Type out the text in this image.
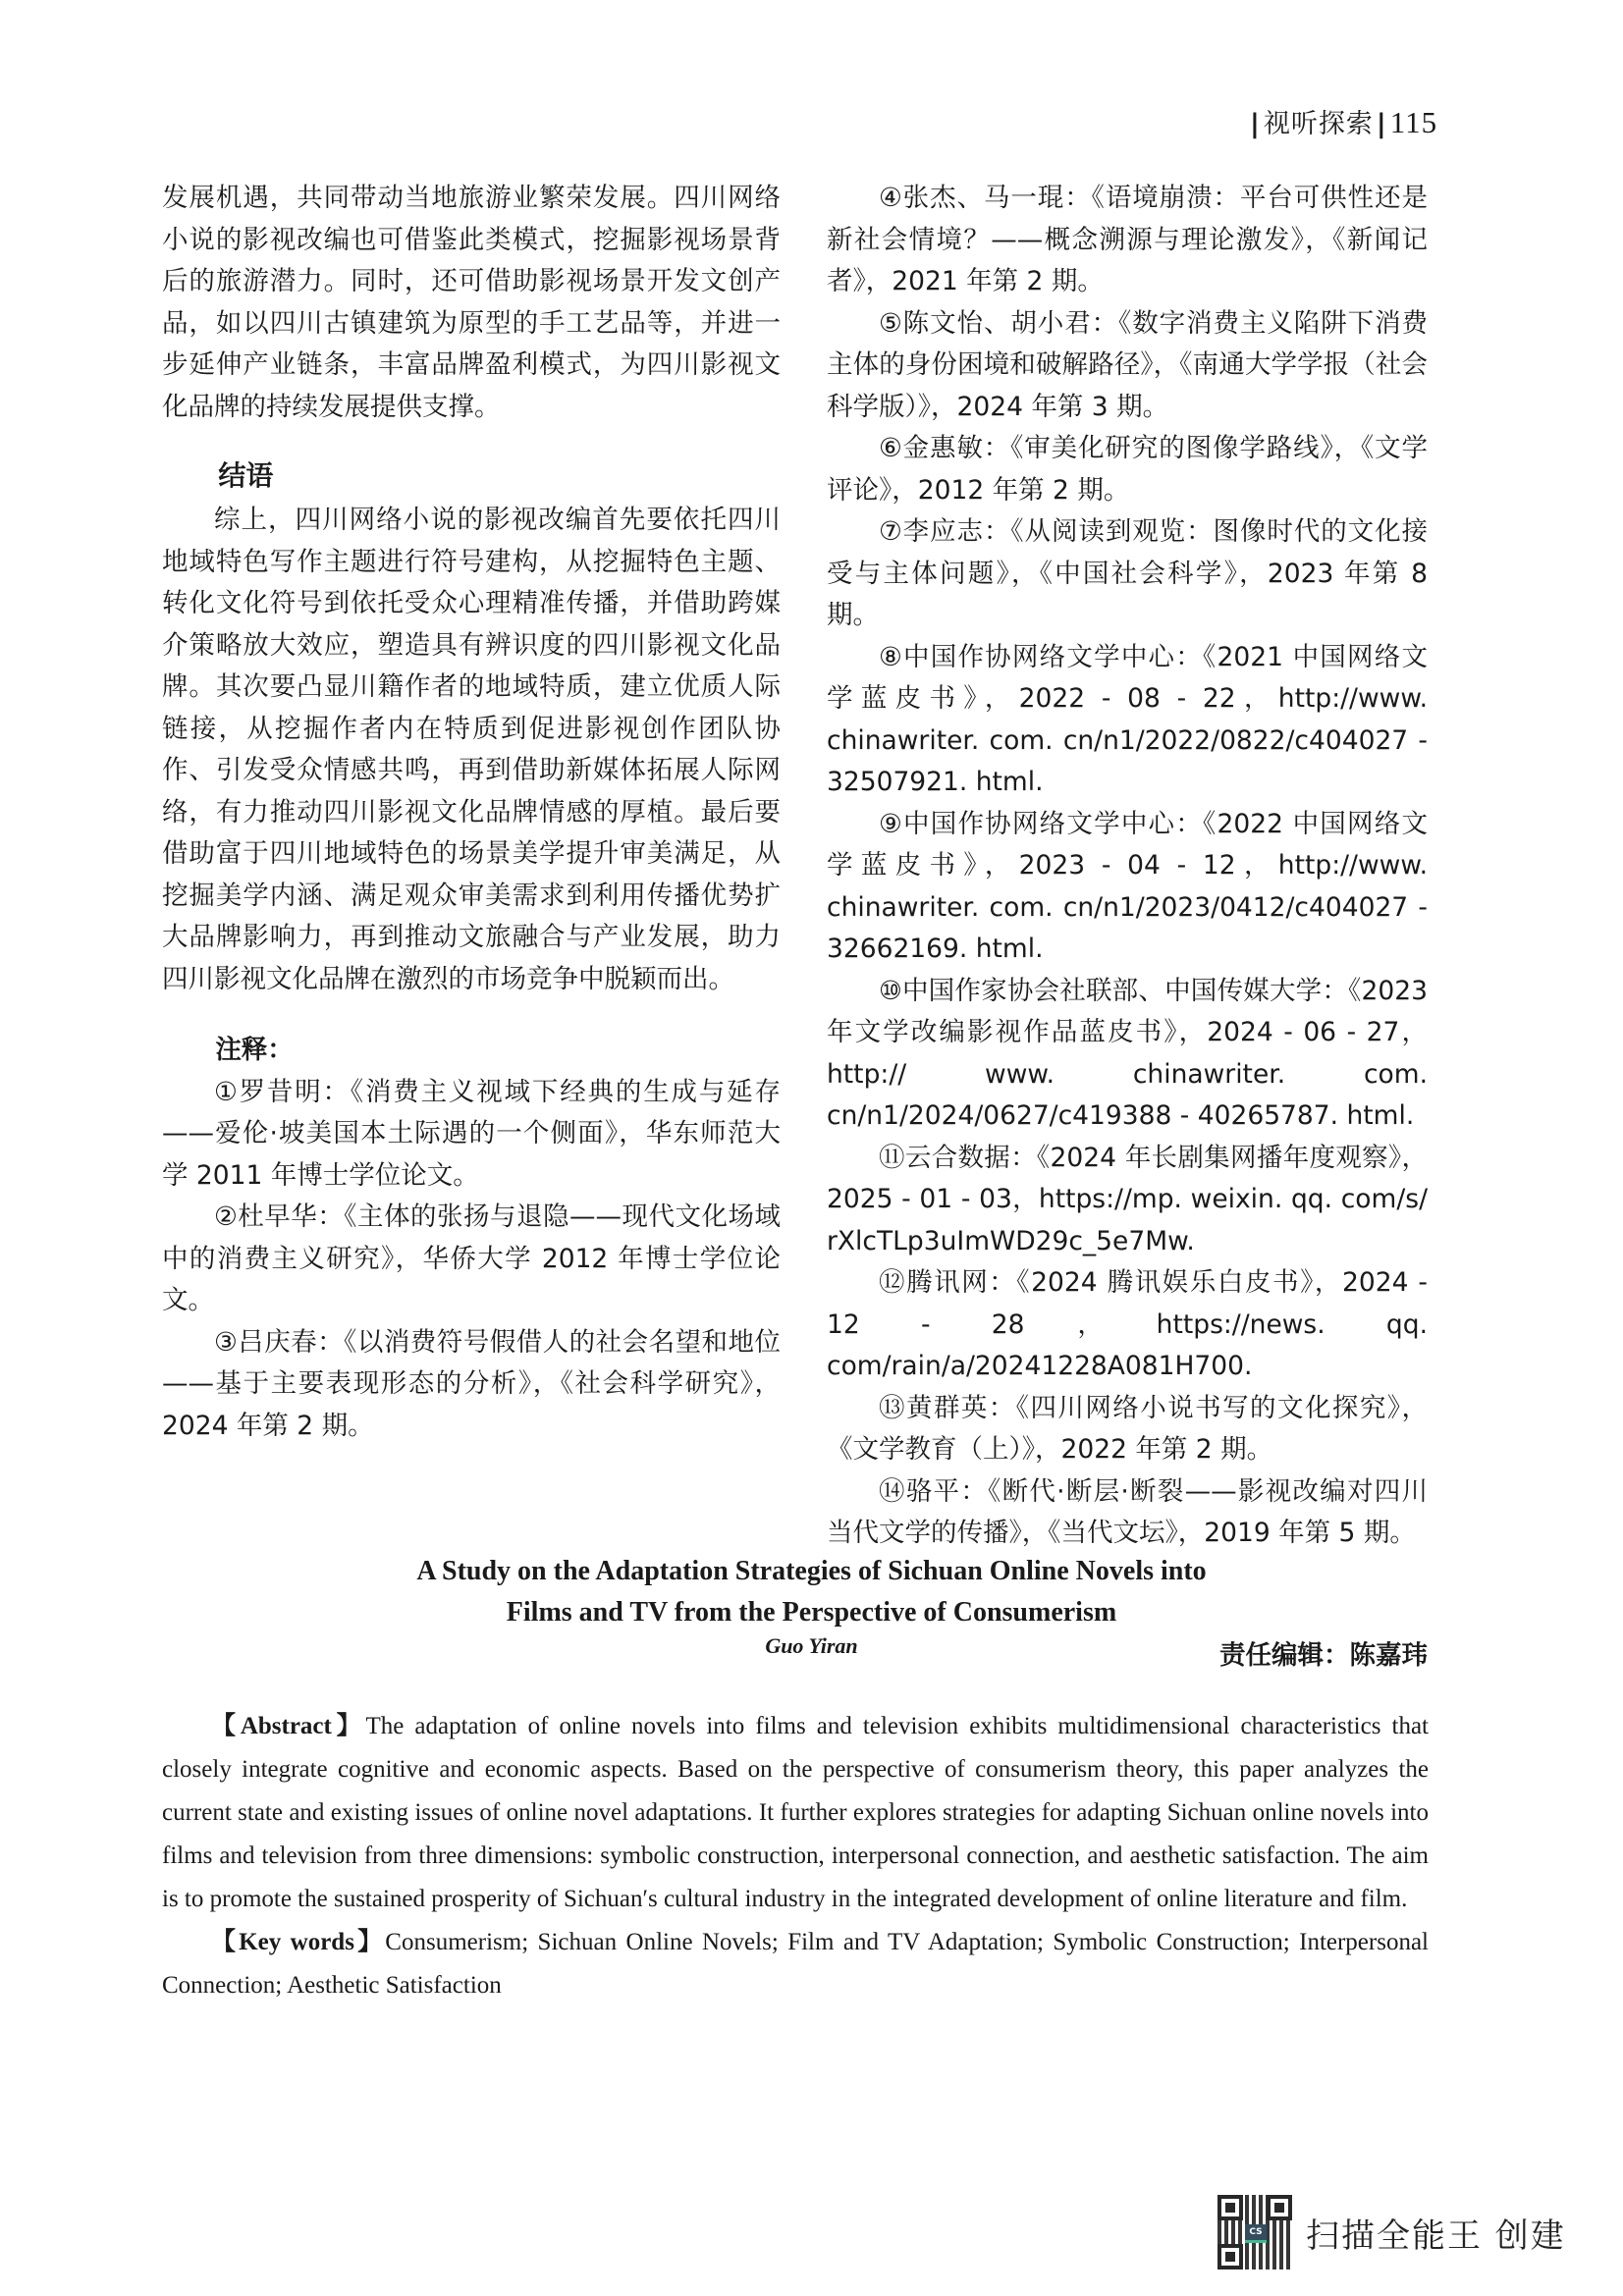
| 视听探索 |115

发展机遇，共同带动当地旅游业繁荣发展。四川网络小说的影视改编也可借鉴此类模式，挖掘影视场景背后的旅游潜力。同时，还可借助影视场景开发文创产品，如以四川古镇建筑为原型的手工艺品等，并进一步延伸产业链条，丰富品牌盈利模式，为四川影视文化品牌的持续发展提供支撑。

结语

综上，四川网络小说的影视改编首先要依托四川地域特色写作主题进行符号建构，从挖掘特色主题、转化文化符号到依托受众心理精准传播，并借助跨媒介策略放大效应，塑造具有辨识度的四川影视文化品牌。其次要凸显川籍作者的地域特质，建立优质人际链接，从挖掘作者内在特质到促进影视创作团队协作、引发受众情感共鸣，再到借助新媒体拓展人际网络，有力推动四川影视文化品牌情感的厚植。最后要借助富于四川地域特色的场景美学提升审美满足，从挖掘美学内涵、满足观众审美需求到利用传播优势扩大品牌影响力，再到推动文旅融合与产业发展，助力四川影视文化品牌在激烈的市场竞争中脱颖而出。

注释：

①罗昔明：《消费主义视域下经典的生成与延存——爱伦·坡美国本土际遇的一个侧面》，华东师范大学 2011 年博士学位论文。

②杜早华：《主体的张扬与退隐——现代文化场域中的消费主义研究》，华侨大学 2012 年博士学位论文。

③吕庆春：《以消费符号假借人的社会名望和地位——基于主要表现形态的分析》，《社会科学研究》，2024 年第 2 期。

④张杰、马一琨：《语境崩溃：平台可供性还是新社会情境？——概念溯源与理论激发》，《新闻记者》，2021 年第 2 期。

⑤陈文怡、胡小君：《数字消费主义陷阱下消费主体的身份困境和破解路径》，《南通大学学报（社会科学版）》，2024 年第 3 期。

⑥金惠敏：《审美化研究的图像学路线》，《文学评论》，2012 年第 2 期。

⑦李应志：《从阅读到观览：图像时代的文化接受与主体问题》，《中国社会科学》，2023 年第 8 期。

⑧中国作协网络文学中心：《2021 中国网络文学蓝皮书》，2022 - 08 - 22，http://www. chinawriter. com. cn/n1/2022/0822/c404027 - 32507921. html.

⑨中国作协网络文学中心：《2022 中国网络文学蓝皮书》，2023 - 04 - 12，http://www. chinawriter. com. cn/n1/2023/0412/c404027 - 32662169. html.

⑩中国作家协会社联部、中国传媒大学：《2023 年文学改编影视作品蓝皮书》，2024 - 06 - 27，http:// www. chinawriter. com. cn/n1/2024/0627/c419388 - 40265787. html.

⑪云合数据：《2024 年长剧集网播年度观察》，2025 - 01 - 03，https://mp. weixin. qq. com/s/ rXlcTLp3uImWD29c_5e7Mw.

⑫腾讯网：《2024 腾讯娱乐白皮书》，2024 - 12 - 28，https://news. qq. com/rain/a/20241228A081H700.

⑬黄群英：《四川网络小说书写的文化探究》，《文学教育（上）》，2022 年第 2 期。

⑭骆平：《断代·断层·断裂——影视改编对四川当代文学的传播》，《当代文坛》，2019 年第 5 期。

责任编辑：陈嘉玮

A Study on the Adaptation Strategies of Sichuan Online Novels into
Films and TV from the Perspective of Consumerism
Guo Yiran

【Abstract】The adaptation of online novels into films and television exhibits multidimensional characteristics that closely integrate cognitive and economic aspects. Based on the perspective of consumerism theory, this paper analyzes the current state and existing issues of online novel adaptations. It further explores strategies for adapting Sichuan online novels into films and television from three dimensions: symbolic construction, interpersonal connection, and aesthetic satisfaction. The aim is to promote the sustained prosperity of Sichuan′s cultural industry in the integrated development of online literature and film.

【Key words】Consumerism; Sichuan Online Novels; Film and TV Adaptation; Symbolic Construction; Interpersonal Connection; Aesthetic Satisfaction

CS 扫描全能王 创建
